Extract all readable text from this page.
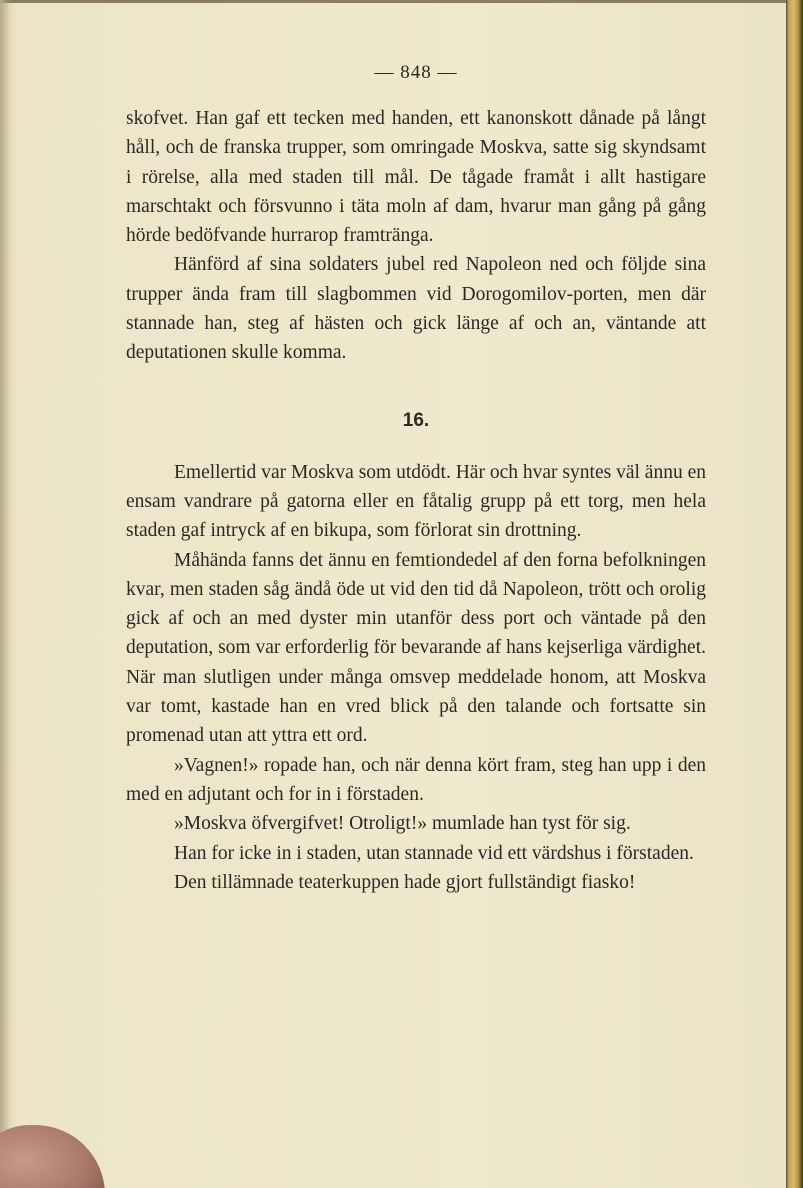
— 848 —

skofvet. Han gaf ett tecken med handen, ett kanonskott dånade på långt håll, och de franska trupper, som omringade Moskva, satte sig skyndsamt i rörelse, alla med staden till mål. De tågade framåt i allt hastigare marschtakt och försvunno i täta moln af dam, hvarur man gång på gång hörde bedöfvande hurrarop framtränga.

Hänförd af sina soldaters jubel red Napoleon ned och följde sina trupper ända fram till slagbommen vid Dorogomilov-porten, men där stannade han, steg af hästen och gick länge af och an, väntande att deputationen skulle komma.

16.

Emellertid var Moskva som utdödt. Här och hvar syntes väl ännu en ensam vandrare på gatorna eller en fåtalig grupp på ett torg, men hela staden gaf intryck af en bikupa, som förlorat sin drottning.

Måhända fanns det ännu en femtiondedel af den forna befolkningen kvar, men staden såg ändå öde ut vid den tid då Napoleon, trött och orolig gick af och an med dyster min utanför dess port och väntade på den deputation, som var erforderlig för bevarande af hans kejserliga värdighet. När man slutligen under många omsvep meddelade honom, att Moskva var tomt, kastade han en vred blick på den talande och fortsatte sin promenad utan att yttra ett ord.

»Vagnen!» ropade han, och när denna kört fram, steg han upp i den med en adjutant och for in i förstaden.

»Moskva öfvergifvet! Otroligt!» mumlade han tyst för sig.

Han for icke in i staden, utan stannade vid ett värdshus i förstaden.

Den tillämnade teaterkuppen hade gjort fullständigt fiasko!
